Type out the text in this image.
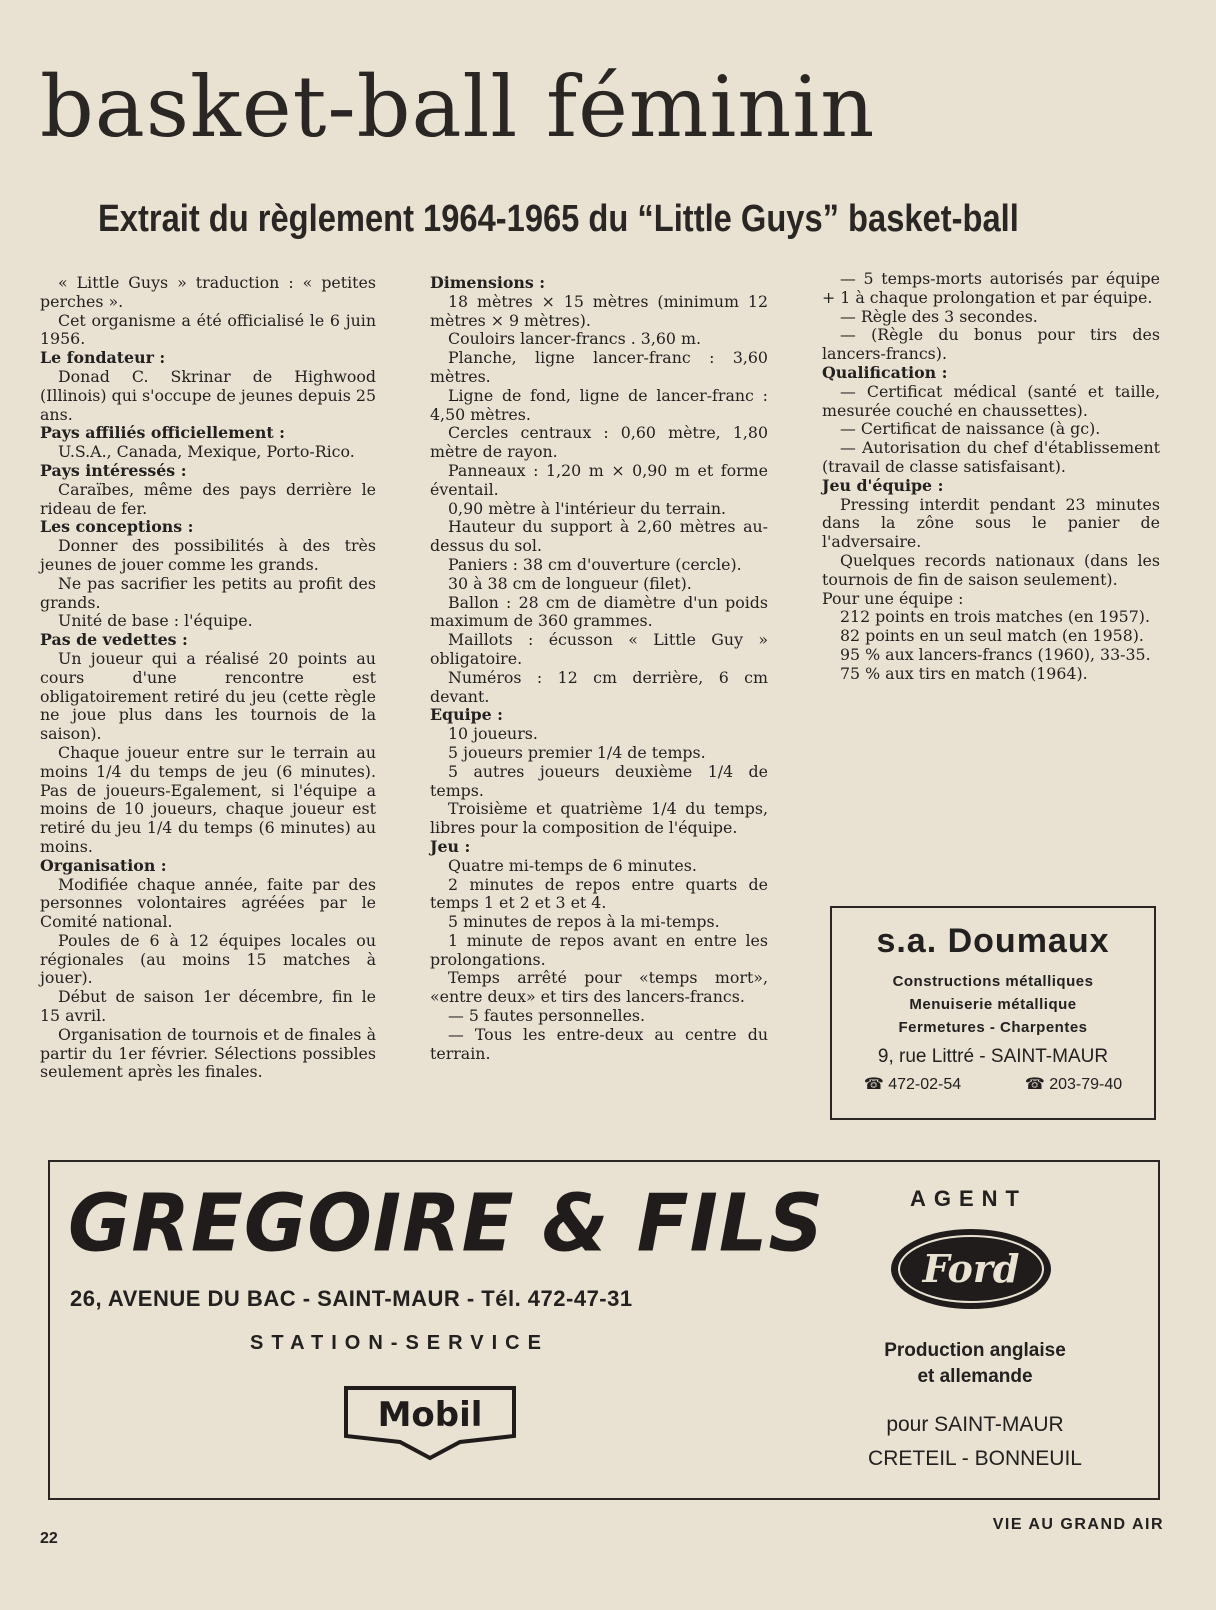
basket-ball féminin
Extrait du règlement 1964-1965 du “Little Guys” basket-ball

« Little Guys » traduction : « petites perches ».

Cet organisme a été officialisé le 6 juin 1956.

Le fondateur :

Donad C. Skrinar de Highwood (Illinois) qui s'occupe de jeunes depuis 25 ans.

Pays affiliés officiellement :

U.S.A., Canada, Mexique, Porto-Rico.

Pays intéressés :

Caraïbes, même des pays derrière le rideau de fer.

Les conceptions :

Donner des possibilités à des très jeunes de jouer comme les grands.

Ne pas sacrifier les petits au profit des grands.

Unité de base : l'équipe.

Pas de vedettes :

Un joueur qui a réalisé 20 points au cours d'une rencontre est obligatoirement retiré du jeu (cette règle ne joue plus dans les tournois de la saison).

Chaque joueur entre sur le terrain au moins 1/4 du temps de jeu (6 minutes). Pas de joueurs-Egalement, si l'équipe a moins de 10 joueurs, chaque joueur est retiré du jeu 1/4 du temps (6 minutes) au moins.

Organisation :

Modifiée chaque année, faite par des personnes volontaires agréées par le Comité national.

Poules de 6 à 12 équipes locales ou régionales (au moins 15 matches à jouer).

Début de saison 1er décembre, fin le 15 avril.

Organisation de tournois et de finales à partir du 1er février. Sélections possibles seulement après les finales.

Dimensions :

18 mètres × 15 mètres (minimum 12 mètres × 9 mètres).

Couloirs lancer-francs . 3,60 m.

Planche, ligne lancer-franc : 3,60 mètres.

Ligne de fond, ligne de lancer-franc : 4,50 mètres.

Cercles centraux : 0,60 mètre, 1,80 mètre de rayon.

Panneaux : 1,20 m × 0,90 m et forme éventail.

0,90 mètre à l'intérieur du terrain.

Hauteur du support à 2,60 mètres au-dessus du sol.

Paniers : 38 cm d'ouverture (cercle).

30 à 38 cm de longueur (filet).

Ballon : 28 cm de diamètre d'un poids maximum de 360 grammes.

Maillots : écusson « Little Guy » obligatoire.

Numéros : 12 cm derrière, 6 cm devant.

Equipe :

10 joueurs.

5 joueurs premier 1/4 de temps.

5 autres joueurs deuxième 1/4 de temps.

Troisième et quatrième 1/4 du temps, libres pour la composition de l'équipe.

Jeu :

Quatre mi-temps de 6 minutes.

2 minutes de repos entre quarts de temps 1 et 2 et 3 et 4.

5 minutes de repos à la mi-temps.

1 minute de repos avant en entre les prolongations.

Temps arrêté pour «temps mort», «entre deux» et tirs des lancers-francs.

— 5 fautes personnelles.

— Tous les entre-deux au centre du terrain.

— 5 temps-morts autorisés par équipe + 1 à chaque prolongation et par équipe.

— Règle des 3 secondes.

— (Règle du bonus pour tirs des lancers-francs).

Qualification :

— Certificat médical (santé et taille, mesurée couché en chaussettes).

— Certificat de naissance (à gc).

— Autorisation du chef d'établissement (travail de classe satisfaisant).

Jeu d'équipe :

Pressing interdit pendant 23 minutes dans la zône sous le panier de l'adversaire.

Quelques records nationaux (dans les tournois de fin de saison seulement).

Pour une équipe :

212 points en trois matches (en 1957).

82 points en un seul match (en 1958).

95 % aux lancers-francs (1960), 33-35.

75 % aux tirs en match (1964).

s.a. Doumaux
Constructions métalliques
Menuiserie métallique
Fermetures - Charpentes
9, rue Littré - SAINT-MAUR
☎ 472-02-54	☎ 203-79-40
GREGOIRE & FILS
26, AVENUE DU BAC - SAINT-MAUR - Tél. 472-47-31
STATION-SERVICE
Mobil
AGENT
Ford
Production anglaise
et allemande
pour SAINT-MAUR
CRETEIL - BONNEUIL
22
VIE AU GRAND AIR
